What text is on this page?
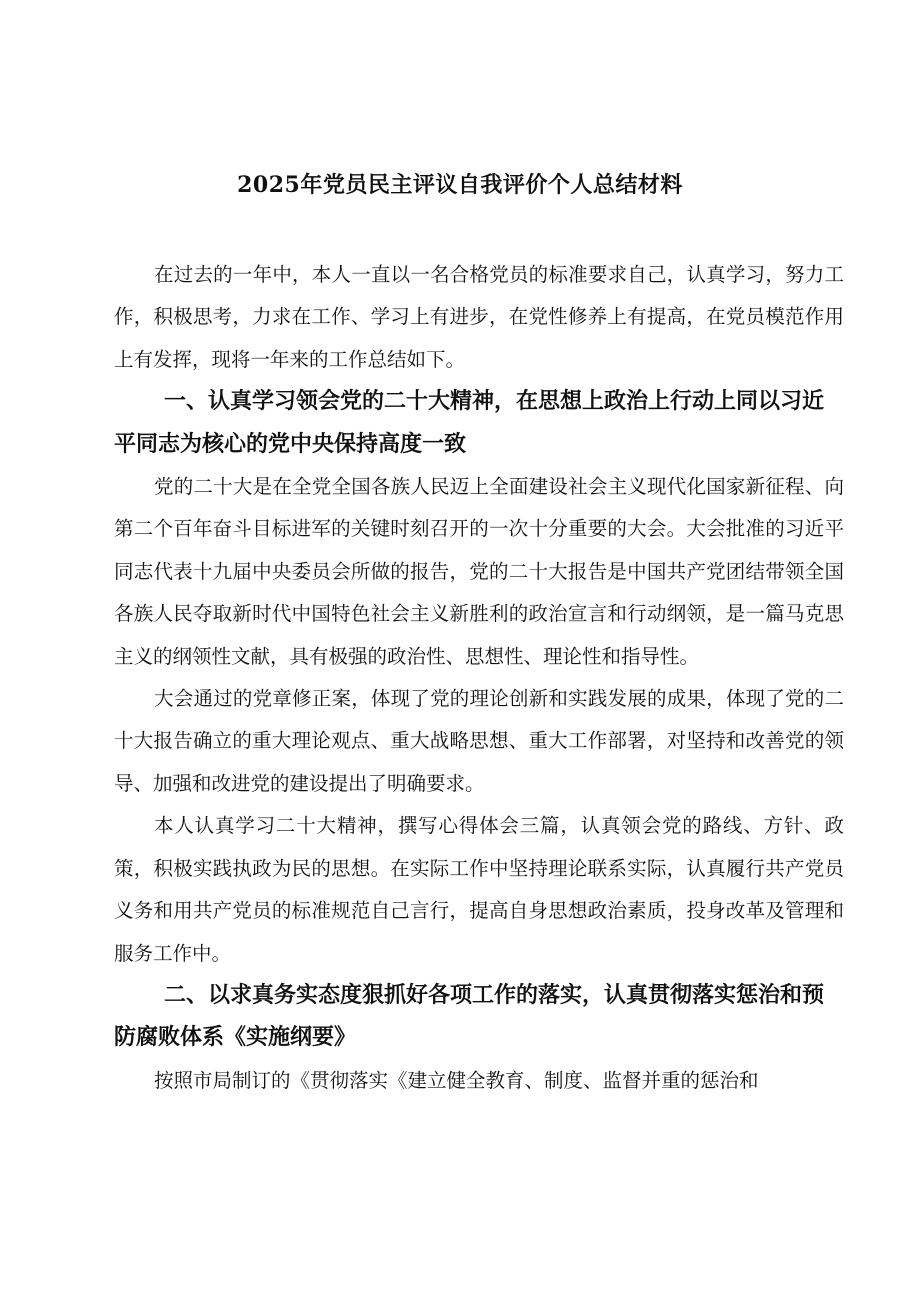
2025年党员民主评议自我评价个人总结材料

在过去的一年中，本人一直以一名合格党员的标准要求自己，认真学习，努力工作，积极思考，力求在工作、学习上有进步，在党性修养上有提高，在党员模范作用上有发挥，现将一年来的工作总结如下。

一、认真学习领会党的二十大精神，在思想上政治上行动上同以习近平同志为核心的党中央保持高度一致

党的二十大是在全党全国各族人民迈上全面建设社会主义现代化国家新征程、向第二个百年奋斗目标进军的关键时刻召开的一次十分重要的大会。大会批准的习近平同志代表十九届中央委员会所做的报告，党的二十大报告是中国共产党团结带领全国各族人民夺取新时代中国特色社会主义新胜利的政治宣言和行动纲领，是一篇马克思主义的纲领性文献，具有极强的政治性、思想性、理论性和指导性。

大会通过的党章修正案，体现了党的理论创新和实践发展的成果，体现了党的二十大报告确立的重大理论观点、重大战略思想、重大工作部署，对坚持和改善党的领导、加强和改进党的建设提出了明确要求。

本人认真学习二十大精神，撰写心得体会三篇，认真领会党的路线、方针、政策，积极实践执政为民的思想。在实际工作中坚持理论联系实际，认真履行共产党员义务和用共产党员的标准规范自己言行，提高自身思想政治素质，投身改革及管理和服务工作中。

二、以求真务实态度狠抓好各项工作的落实，认真贯彻落实惩治和预防腐败体系《实施纲要》

按照市局制订的《贯彻落实《建立健全教育、制度、监督并重的惩治和
